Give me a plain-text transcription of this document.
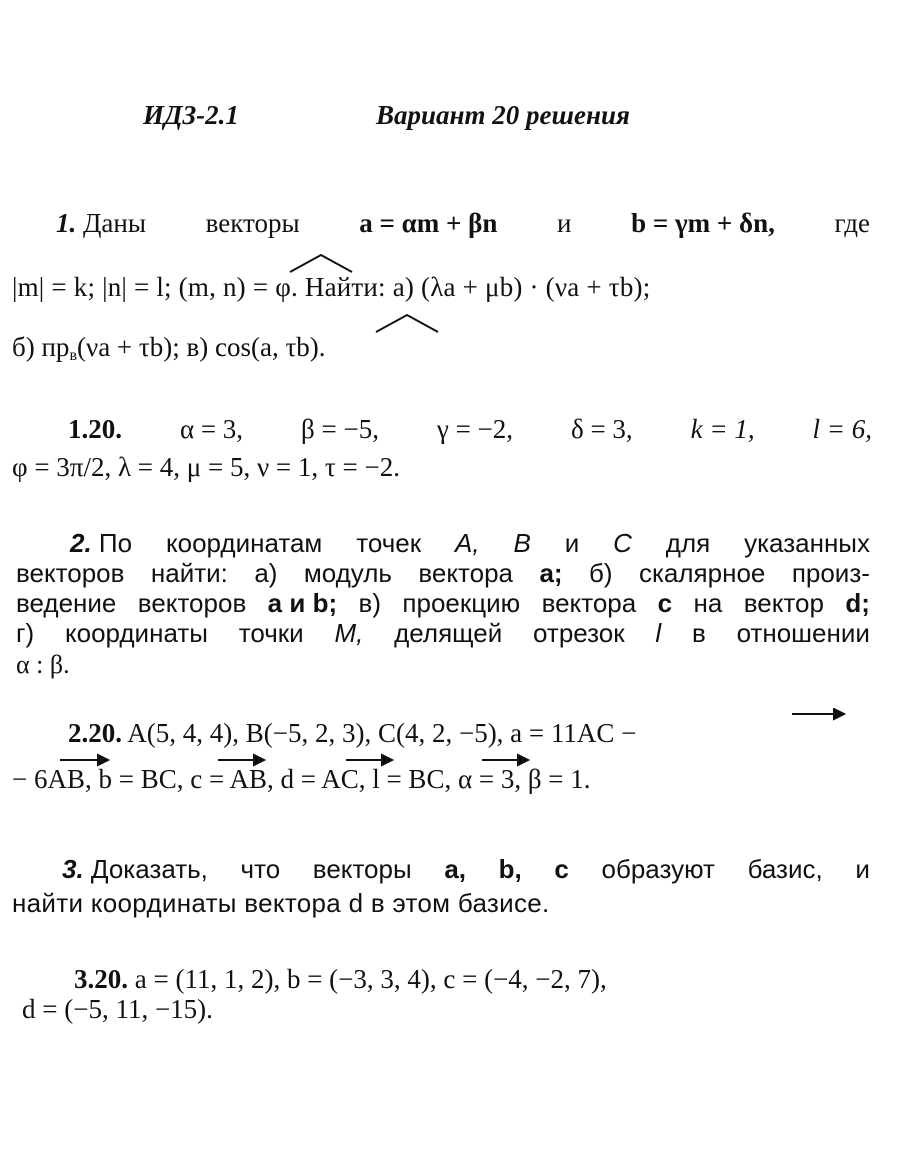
ИДЗ-2.1	Вариант 20 решения
1. Даны векторы a = αm + βn и b = γm + δn, где
|m| = k; |n| = l; (m, n) = φ. Найти: а) (λa + μb) · (νa + τb);
б) $пр_в(\nu a + \tau b)$; в) cos(a, τb).
1.20. α = 3, β = −5, γ = −2, δ = 3, k = 1, l = 6,
φ = 3π/2, λ = 4, μ = 5, ν = 1, τ = −2.
2. По координатам точек A, B и C для указанных
векторов найти: а) модуль вектора a; б) скалярное произ-
ведение векторов a и b; в) проекцию вектора c на вектор d;
г) координаты точки M, делящей отрезок l в отношении
α : β.
2.20. A(5, 4, 4), B(−5, 2, 3), C(4, 2, −5), a = 11AC −
− 6AB, b = BC, c = AB, d = AC, l = BC, α = 3, β = 1.
3. Доказать, что векторы a, b, c образуют базис, и
найти координаты вектора d в этом базисе.
3.20. a = (11, 1, 2), b = (−3, 3, 4), c = (−4, −2, 7),
d = (−5, 11, −15).
